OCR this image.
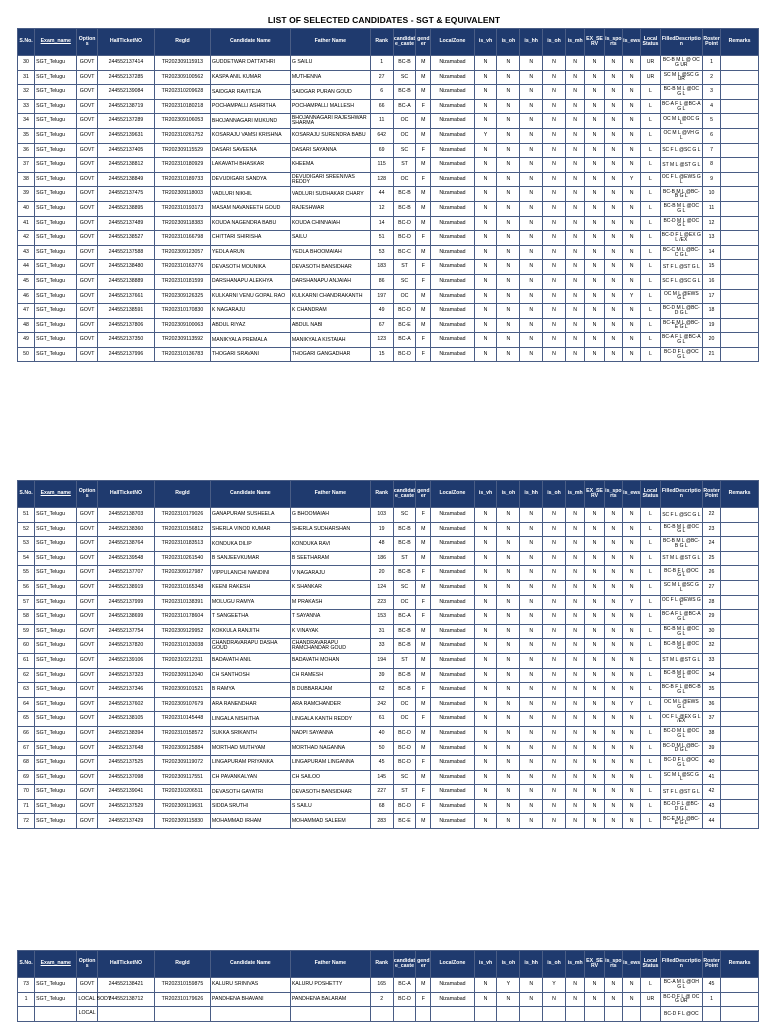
LIST OF SELECTED CANDIDATES - SGT & EQUIVALENT
S.No.	Exam_name	Options	HallTicketNO	RegId	Candidate Name	Father Name	Rank	candidate_caste	gender	LocalZone	is_vh	is_oh	is_hh	is_oh	is_mh	EX_SERV	is_sports	is_ews	Local Status	FilledDescription	RosterPoint	Remarks
30	SGT_Telugu	GOVT	244552137414	TR202309115913	GUDDETWAR DATTATHRI	G SAILU	1	BC-B	M	Nizamabad	N	N	N	N	N	N	N	N	UR	BC-B M L @ OC G UR	1	
31	SGT_Telugu	GOVT	244552137285	TR202309100562	KASPA ANIL KUMAR	MUTHENNA	27	SC	M	Nizamabad	N	N	N	N	N	N	N	N	UR	SC M L @SC G UR	2	
32	SGT_Telugu	GOVT	244552139084	TR202310209628	SAIDGAR RAVITEJA	SAIDGAR PURAN GOUD	6	BC-B	M	Nizamabad	N	N	N	N	N	N	N	N	L	BC-B M L @OC G L	3	
33	SGT_Telugu	GOVT	244552138719	TR202310180218	POCHAMPALLI ASHRITHA	POCHAMPALLI MALLESH	66	BC-A	F	Nizamabad	N	N	N	N	N	N	N	N	L	BC-A F L @BC-A G L	4	
34	SGT_Telugu	GOVT	244552137289	TR202309106053	BHOJANNAGARI MUKUND	BHOJANNAGARI RAJESHWAR SHARMA	11	OC	M	Nizamabad	N	N	N	N	N	N	N	N	L	OC M L @OC G L	5	
35	SGT_Telugu	GOVT	244552139631	TR202310261752	KOSARAJU VAMSI KRISHNA	KOSARAJU SURENDRA BABU	642	OC	M	Nizamabad	Y	N	N	N	N	N	N	N	L	OC M L @VH G L	6	
36	SGT_Telugu	GOVT	244552137405	TR202309115529	DASARI SAVEENA	DASARI SAYANNA	69	SC	F	Nizamabad	N	N	N	N	N	N	N	N	L	SC F L @SC G L	7	
37	SGT_Telugu	GOVT	244552138812	TR202310180929	LAKAVATH BHASKAR	KHEEMA	115	ST	M	Nizamabad	N	N	N	N	N	N	N	N	L	ST M L @ST G L	8	
38	SGT_Telugu	GOVT	244552138849	TR202310189733	DEVUDIGARI SANDYA	DEVUDIGARI SREENIVAS REDDY	128	OC	F	Nizamabad	N	N	N	N	N	N	N	Y	L	OC F L @EWS G L	9	
39	SGT_Telugu	GOVT	244552137475	TR202309118003	VADLURI NIKHIL	VADLURI SUDHAKAR CHARY	44	BC-B	M	Nizamabad	N	N	N	N	N	N	N	N	L	BC-B M L @BC-B G L	10	
40	SGT_Telugu	GOVT	244552138895	TR202310193173	MASAM NAVANEETH GOUD	RAJESHWAR	12	BC-B	M	Nizamabad	N	N	N	N	N	N	N	N	L	BC-B M L @OC G L	11	
41	SGT_Telugu	GOVT	244552137489	TR202309118383	KOUDA NAGENDRA BABU	KOUDA CHINNAIAH	14	BC-D	M	Nizamabad	N	N	N	N	N	N	N	N	L	BC-D M L @OC G L	12	
42	SGT_Telugu	GOVT	244552138527	TR202310166798	CHITTARI SHIRISHA	SAILU	51	BC-D	F	Nizamabad	N	N	N	N	N	N	N	N	L	BC-D F L @EX G L /EX	13	
43	SGT_Telugu	GOVT	244552137588	TR202309123057	YEDLA ARUN	YEDLA BHOOMAIAH	53	BC-C	M	Nizamabad	N	N	N	N	N	N	N	N	L	BC-C M L @BC-C G L	14	
44	SGT_Telugu	GOVT	244552138480	TR202310163776	DEVASOTH MOUNIKA	DEVASOTH BANSIDHAR	183	ST	F	Nizamabad	N	N	N	N	N	N	N	N	L	ST F L @ST G L	15	
45	SGT_Telugu	GOVT	244552138889	TR202310181599	DARSHANAPU ALEKHYA	DARSHANAPU ANJAIAH	86	SC	F	Nizamabad	N	N	N	N	N	N	N	N	L	SC F L @SC G L	16	
46	SGT_Telugu	GOVT	244552137661	TR202309126325	KULKARNI VENU GOPAL RAO	KULKARNI CHANDRAKANTH	197	OC	M	Nizamabad	N	N	N	N	N	N	N	Y	L	OC M L @EWS G L	17	
47	SGT_Telugu	GOVT	244552138591	TR202310170830	K NAGARAJU	K CHANDRAM	49	BC-D	M	Nizamabad	N	N	N	N	N	N	N	N	L	BC-D M L @BC-D G L	18	
48	SGT_Telugu	GOVT	244552137806	TR202309100063	ABDUL RIYAZ	ABDUL NABI	67	BC-E	M	Nizamabad	N	N	N	N	N	N	N	N	L	BC-E M L @BC-E G L	19	
49	SGT_Telugu	GOVT	244552137350	TR202309113592	MANIKYALA PREMALA	MANIKYALA KISTAIAH	123	BC-A	F	Nizamabad	N	N	N	N	N	N	N	N	L	BC-A F L @BC-A G L	20	
50	SGT_Telugu	GOVT	244552137996	TR202310136783	THOGARI SRAVANI	THOGARI GANGADHAR	15	BC-D	F	Nizamabad	N	N	N	N	N	N	N	N	L	BC-D F L @OC G L	21	
S.No.	Exam_name	Options	HallTicketNO	RegId	Candidate Name	Father Name	Rank	candidate_caste	gender	LocalZone	is_vh	is_oh	is_hh	is_oh	is_mh	EX_SERV	is_sports	is_ews	Local Status	FilledDescription	RosterPoint	Remarks
51	SGT_Telugu	GOVT	244552138703	TR202310179026	GANAPURAM SUSHEELA	G BHOOMAIAH	103	SC	F	Nizamabad	N	N	N	N	N	N	N	N	L	SC F L @SC G L	22	
52	SGT_Telugu	GOVT	244552138360	TR202310156812	SHERLA VINOD KUMAR	SHERLA SUDHARSHAN	19	BC-B	M	Nizamabad	N	N	N	N	N	N	N	N	L	BC-B M L @OC G L	23	
53	SGT_Telugu	GOVT	244552138764	TR202310183513	KONDUKA DILIP	KONDUKA RAVI	48	BC-B	M	Nizamabad	N	N	N	N	N	N	N	N	L	BC-B M L @BC-B G L	24	
54	SGT_Telugu	GOVT	244552139548	TR202310261540	B SANJEEVKUMAR	B SEETHARAM	186	ST	M	Nizamabad	N	N	N	N	N	N	N	N	L	ST M L @ST G L	25	
55	SGT_Telugu	GOVT	244552137707	TR202309127987	VIPPULANCHI NANDINI	V NAGARAJU	20	BC-B	F	Nizamabad	N	N	N	N	N	N	N	N	L	BC-B F L @OC G L	26	
56	SGT_Telugu	GOVT	244552138919	TR202310165348	KEENI RAKESH	K SHANKAR	124	SC	M	Nizamabad	N	N	N	N	N	N	N	N	L	SC M L @SC G L	27	
57	SGT_Telugu	GOVT	244552137999	TR202310138391	MOLUGU RAMYA	M PRAKASH	223	OC	F	Nizamabad	N	N	N	N	N	N	N	Y	L	OC F L @EWS G L	28	
58	SGT_Telugu	GOVT	244552138699	TR202310178604	T SANGEETHA	T SAYANNA	153	BC-A	F	Nizamabad	N	N	N	N	N	N	N	N	L	BC-A F L @BC-A G L	29	
59	SGT_Telugu	GOVT	244552137754	TR202309129952	KOKKULA RANJITH	K VINAYAK	31	BC-B	M	Nizamabad	N	N	N	N	N	N	N	N	L	BC-B M L @OC G L	30	
60	SGT_Telugu	GOVT	244552137820	TR202310133038	CHANDRAVARAPU DASHA GOUD	CHANDRAVARAPU RAMCHANDAR GOUD	33	BC-B	M	Nizamabad	N	N	N	N	N	N	N	N	L	BC-B M L @OC G L	32	
61	SGT_Telugu	GOVT	244552139106	TR202310212311	BADAVATH ANIL	BADAVATH MOHAN	194	ST	M	Nizamabad	N	N	N	N	N	N	N	N	L	ST M L @ST G L	33	
62	SGT_Telugu	GOVT	244552137323	TR202309112040	CH SANTHOSH	CH RAMESH	39	BC-B	M	Nizamabad	N	N	N	N	N	N	N	N	L	BC-B M L @OC G L	34	
63	SGT_Telugu	GOVT	244552137346	TR202309101521	B RAMYA	B DUBBARAJAM	62	BC-B	F	Nizamabad	N	N	N	N	N	N	N	N	L	BC-B F L @BC-B G L	35	
64	SGT_Telugu	GOVT	244552137602	TR202309107679	ARA RANENDHAR	ARA RAMCHANDER	242	OC	M	Nizamabad	N	N	N	N	N	N	N	Y	L	OC M L @EWS G L	36	
65	SGT_Telugu	GOVT	244552138105	TR202310145448	LINGALA NISHITHA	LINGALA KANTH REDDY	61	OC	F	Nizamabad	N	N	N	N	N	N	N	N	L	OC F L @EX G L /EX	37	
66	SGT_Telugu	GOVT	244552138394	TR202310158572	SUKKA SRIKANTH	NADPI SAYANNA	40	BC-D	M	Nizamabad	N	N	N	N	N	N	N	N	L	BC-D M L @OC G L	38	
67	SGT_Telugu	GOVT	244552137648	TR202309125884	MORTHAD MUTHYAM	MORTHAD NAGANNA	50	BC-D	M	Nizamabad	N	N	N	N	N	N	N	N	L	BC-D M L @BC-D G L	39	
68	SGT_Telugu	GOVT	244552137525	TR202309119072	LINGAPURAM PRIYANKA	LINGAPURAM LINGANNA	45	BC-D	F	Nizamabad	N	N	N	N	N	N	N	N	L	BC-D F L @OC G L	40	
69	SGT_Telugu	GOVT	244552137098	TR202309117551	CH PAVANKALYAN	CH SAILOO	145	SC	M	Nizamabad	N	N	N	N	N	N	N	N	L	SC M L @SC G L	41	
70	SGT_Telugu	GOVT	244552139041	TR202310206511	DEVASOTH GAYATRI	DEVASOTH BANSIDHAR	227	ST	F	Nizamabad	N	N	N	N	N	N	N	N	L	ST F L @ST G L	42	
71	SGT_Telugu	GOVT	244552137529	TR202309119631	SIDDA SRUTHI	S SAILU	68	BC-D	F	Nizamabad	N	N	N	N	N	N	N	N	L	BC-D F L @BC-D G L	43	
72	SGT_Telugu	GOVT	244552137429	TR202309115830	MOHAMMAD IRHAM	MOHAMMAD SALEEM	283	BC-E	M	Nizamabad	N	N	N	N	N	N	N	N	L	BC-E M L @BC-E G L	44	
S.No.	Exam_name	Options	HallTicketNO	RegId	Candidate Name	Father Name	Rank	candidate_caste	gender	LocalZone	is_vh	is_oh	is_hh	is_oh	is_mh	EX_SERV	is_sports	is_ews	Local Status	FilledDescription	RosterPoint	Remarks
73	SGT_Telugu	GOVT	244552138421	TR202310159875	KALURU SRINIVAS	KALURU POSHETTY	165	BC-A	M	Nizamabad	N	Y	N	Y	N	N	N	N	L	BC-A M L @OH G L	45	
1	SGT_Telugu	LOCAL BODY	244552138712	TR202310179626	PANDHENA BHAVANI	PANDHENA BALARAM	2	BC-D	F	Nizamabad	N	N	N	N	N	N	N	N	UR	BC-D F L @ OC G UR	1	
		LOCAL																		BC-D F L @OC		
